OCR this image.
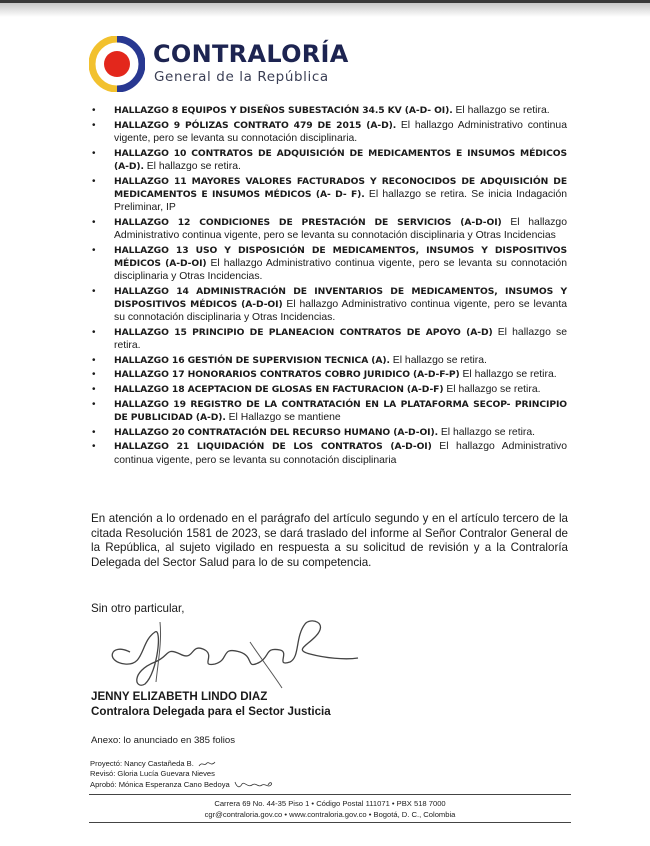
CONTRALORÍA
General de la República
• HALLAZGO 8 EQUIPOS Y DISEÑOS SUBESTACIÓN 34.5 KV (A-D- OI). El hallazgo se retira.
• HALLAZGO 9 PÓLIZAS CONTRATO 479 DE 2015 (A-D). El hallazgo Administrativo continua vigente, pero se levanta su connotación disciplinaria.
• HALLAZGO 10 CONTRATOS DE ADQUISICIÓN DE MEDICAMENTOS E INSUMOS MÉDICOS (A-D). El hallazgo se retira.
• HALLAZGO 11 MAYORES VALORES FACTURADOS Y RECONOCIDOS DE ADQUISICIÓN DE MEDICAMENTOS E INSUMOS MÉDICOS (A- D- F). El hallazgo se retira. Se inicia Indagación Preliminar, IP
• HALLAZGO 12 CONDICIONES DE PRESTACIÓN DE SERVICIOS (A-D-OI) El hallazgo Administrativo continua vigente, pero se levanta su connotación disciplinaria y Otras Incidencias
• HALLAZGO 13 USO Y DISPOSICIÓN DE MEDICAMENTOS, INSUMOS Y DISPOSITIVOS MÉDICOS (A-D-OI) El hallazgo Administrativo continua vigente, pero se levanta su connotación disciplinaria y Otras Incidencias.
• HALLAZGO 14 ADMINISTRACIÓN DE INVENTARIOS DE MEDICAMENTOS, INSUMOS Y DISPOSITIVOS MÉDICOS (A-D-OI) El hallazgo Administrativo continua vigente, pero se levanta su connotación disciplinaria y Otras Incidencias.
• HALLAZGO 15 PRINCIPIO DE PLANEACION CONTRATOS DE APOYO (A-D) El hallazgo se retira.
• HALLAZGO 16 GESTIÓN DE SUPERVISION TECNICA (A). El hallazgo se retira.
• HALLAZGO 17 HONORARIOS CONTRATOS COBRO JURIDICO (A-D-F-P) El hallazgo se retira.
• HALLAZGO 18 ACEPTACION DE GLOSAS EN FACTURACION (A-D-F) El hallazgo se retira.
• HALLAZGO 19 REGISTRO DE LA CONTRATACIÓN EN LA PLATAFORMA SECOP- PRINCIPIO DE PUBLICIDAD (A-D). El Hallazgo se mantiene
• HALLAZGO 20 CONTRATACIÓN DEL RECURSO HUMANO (A-D-OI). El hallazgo se retira.
• HALLAZGO 21 LIQUIDACIÓN DE LOS CONTRATOS (A-D-OI) El hallazgo Administrativo continua vigente, pero se levanta su connotación disciplinaria
En atención a lo ordenado en el parágrafo del artículo segundo y en el artículo tercero de la citada Resolución 1581 de 2023, se dará traslado del informe al Señor Contralor General de la República, al sujeto vigilado en respuesta a su solicitud de revisión y a la Contraloría Delegada del Sector Salud para lo de su competencia.
Sin otro particular,
JENNY ELIZABETH LINDO DIAZ
Contralora Delegada para el Sector Justicia
Anexo: lo anunciado en 385 folios
Proyectó: Nancy Castañeda B.
Revisó: Gloria Lucía Guevara Nieves
Aprobó: Mónica Esperanza Cano Bedoya
Carrera 69 No. 44-35 Piso 1 • Código Postal 111071 • PBX 518 7000
cgr@contraloria.gov.co • www.contraloria.gov.co • Bogotá, D. C., Colombia
